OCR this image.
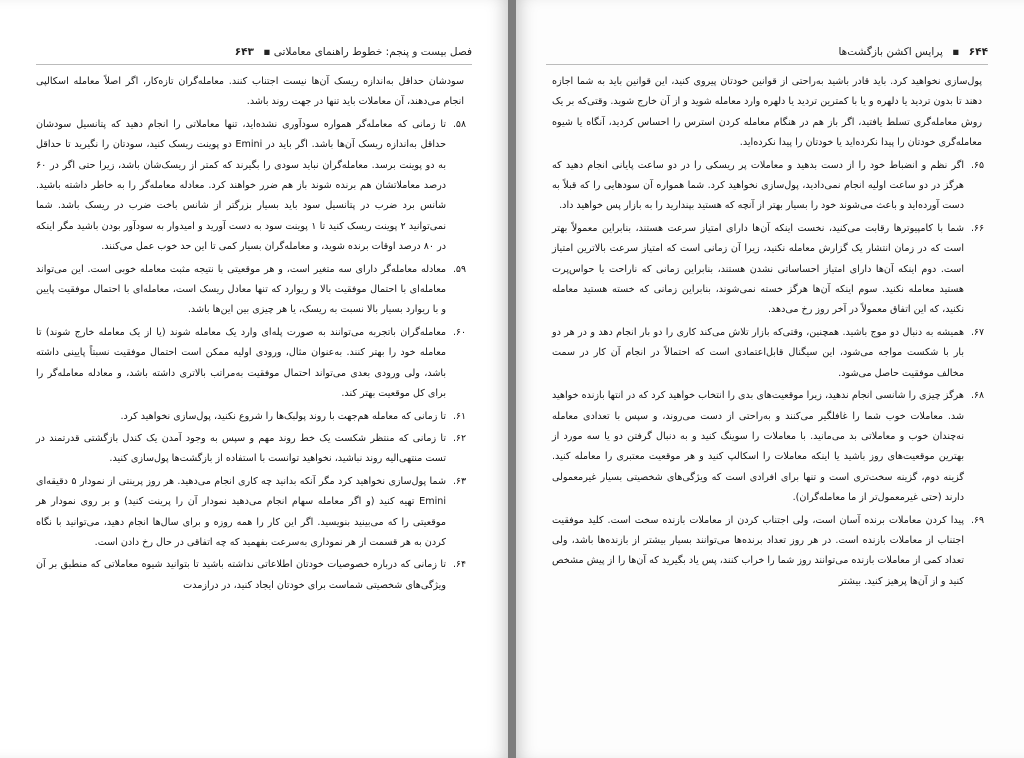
فصل بیست و پنجم: خطوط راهنمای معاملاتی ▪ ۶۴۳

سودشان حداقل به‌اندازه ریسک آن‌ها نیست اجتناب کنند. معامله‌گران تازه‌کار، اگر اصلاً معامله اسکالپی انجام می‌دهند، آن معاملات باید تنها در جهت روند باشد.

۵۸.
تا زمانی که معامله‌گر همواره سودآوری نشده‌اید، تنها معاملاتی را انجام دهید که پتانسیل سودشان حداقل به‌اندازه ریسک آن‌ها باشد. اگر باید در Emini دو پوینت ریسک کنید، سودتان را نگیرید تا حداقل به دو پوینت برسد. معامله‌گران نباید سودی را بگیرند که کمتر از ریسک‌شان باشد، زیرا حتی اگر در ۶۰ درصد معاملاتشان هم برنده شوند باز هم ضرر خواهند کرد. معادله معامله‌گر را به خاطر داشته باشید. شانس برد ضرب در پتانسیل سود باید بسیار بزرگتر از شانس باخت ضرب در ریسک باشد. شما نمی‌توانید ۲ پوینت ریسک کنید تا ۱ پوینت سود به دست آورید و امیدوار به سودآور بودن باشید مگر اینکه در ۸۰ درصد اوقات برنده شوید، و معامله‌گران بسیار کمی تا این حد خوب عمل می‌کنند.
۵۹.
معادله معامله‌گر دارای سه متغیر است، و هر موقعیتی با نتیجه مثبت معامله خوبی است. این می‌تواند معامله‌ای با احتمال موفقیت بالا و ریوارد که تنها معادل ریسک است، معامله‌ای با احتمال موفقیت پایین و با ریوارد بسیار بالا نسبت به ریسک، یا هر چیزی بین این‌ها باشد.
۶۰.
معامله‌گران باتجربه می‌توانند به صورت پله‌ای وارد یک معامله شوند (یا از یک معامله خارج شوند) تا معامله خود را بهتر کنند. به‌عنوان مثال، ورودی اولیه ممکن است احتمال موفقیت نسبتاً پایینی داشته باشد، ولی ورودی بعدی می‌تواند احتمال موفقیت به‌مراتب بالاتری داشته باشد، و معادله معامله‌گر را برای کل موقعیت بهتر کند.
۶۱.
تا زمانی که معامله هم‌جهت با روند پولبک‌ها را شروع نکنید، پول‌سازی نخواهید کرد.
۶۲.
تا زمانی که منتظر شکست یک خط روند مهم و سپس به وجود آمدن یک کندل بازگشتی قدرتمند در تست منتهی‌الیه روند نباشید، نخواهید توانست با استفاده از بازگشت‌ها پول‌سازی کنید.
۶۳.
شما پول‌سازی نخواهید کرد مگر آنکه بدانید چه کاری انجام می‌دهید. هر روز پرینتی از نمودار ۵ دقیقه‌ای Emini تهیه کنید (و اگر معامله سهام انجام می‌دهید نمودار آن را پرینت کنید) و بر روی نمودار هر موقعیتی را که می‌بینید بنویسید. اگر این کار را همه روزه و برای سال‌ها انجام دهید، می‌توانید با نگاه کردن به هر قسمت از هر نموداری به‌سرعت بفهمید که چه اتفاقی در حال رخ دادن است.
۶۴.
تا زمانی که درباره خصوصیات خودتان اطلاعاتی نداشته باشید تا بتوانید شیوه معاملاتی که منطبق بر آن ویژگی‌های شخصیتی شماست برای خودتان ایجاد کنید، در درازمدت
۶۴۴ ▪ پرایس اکشن بازگشت‌ها

پول‌سازی نخواهید کرد. باید قادر باشید به‌راحتی از قوانین خودتان پیروی کنید، این قوانین باید به شما اجازه دهند تا بدون تردید یا دلهره و یا با کمترین تردید یا دلهره وارد معامله شوید و از آن خارج شوید. وقتی‌که بر یک روش معامله‌گری تسلط یافتید، اگر باز هم در هنگام معامله کردن استرس را احساس کردید، آنگاه یا شیوه معامله‌گری خودتان را پیدا نکرده‌اید یا خودتان را پیدا نکرده‌اید.

۶۵.
اگر نظم و انضباط خود را از دست بدهید و معاملات پر ریسکی را در دو ساعت پایانی انجام دهید که هرگز در دو ساعت اولیه انجام نمی‌دادید، پول‌سازی نخواهید کرد. شما همواره آن سودهایی را که قبلاً به دست آورده‌اید و باعث می‌شوند خود را بسیار بهتر از آنچه که هستید بپندارید را به بازار پس خواهید داد.
۶۶.
شما با کامپیوترها رقابت می‌کنید، نخست اینکه آن‌ها دارای امتیاز سرعت هستند، بنابراین معمولاً بهتر است که در زمان انتشار یک گزارش معامله نکنید، زیرا آن زمانی است که امتیاز سرعت بالاترین امتیاز است. دوم اینکه آن‌ها دارای امتیاز احساساتی نشدن هستند، بنابراین زمانی که ناراحت یا حواس‌پرت هستید معامله نکنید. سوم اینکه آن‌ها هرگز خسته نمی‌شوند، بنابراین زمانی که خسته هستید معامله نکنید، که این اتفاق معمولاً در آخر روز رخ می‌دهد.
۶۷.
همیشه به دنبال دو موج باشید. همچنین، وقتی‌که بازار تلاش می‌کند کاری را دو بار انجام دهد و در هر دو بار با شکست مواجه می‌شود، این سیگنال قابل‌اعتمادی است که احتمالاً در انجام آن کار در سمت مخالف موفقیت حاصل می‌شود.
۶۸.
هرگز چیزی را شانسی انجام ندهید، زیرا موقعیت‌های بدی را انتخاب خواهید کرد که در انتها بازنده خواهید شد. معاملات خوب شما را غافلگیر می‌کنند و به‌راحتی از دست می‌روند، و سپس با تعدادی معامله نه‌چندان خوب و معاملاتی بد می‌مانید. با معاملات را سوینگ کنید و به دنبال گرفتن دو یا سه مورد از بهترین موقعیت‌های روز باشید یا اینکه معاملات را اسکالپ کنید و هر موقعیت معتبری را معامله کنید. گزینه دوم، گزینه سخت‌تری است و تنها برای افرادی است که ویژگی‌های شخصیتی بسیار غیرمعمولی دارند (حتی غیرمعمول‌تر از ما معامله‌گران).
۶۹.
پیدا کردن معاملات برنده آسان است، ولی اجتناب کردن از معاملات بازنده سخت است. کلید موفقیت اجتناب از معاملات بازنده است. در هر روز تعداد برنده‌ها می‌توانند بسیار بیشتر از بازنده‌ها باشد، ولی تعداد کمی از معاملات بازنده می‌توانند روز شما را خراب کنند، پس یاد بگیرید که آن‌ها را از پیش مشخص کنید و از آن‌ها پرهیز کنید. بیشتر
